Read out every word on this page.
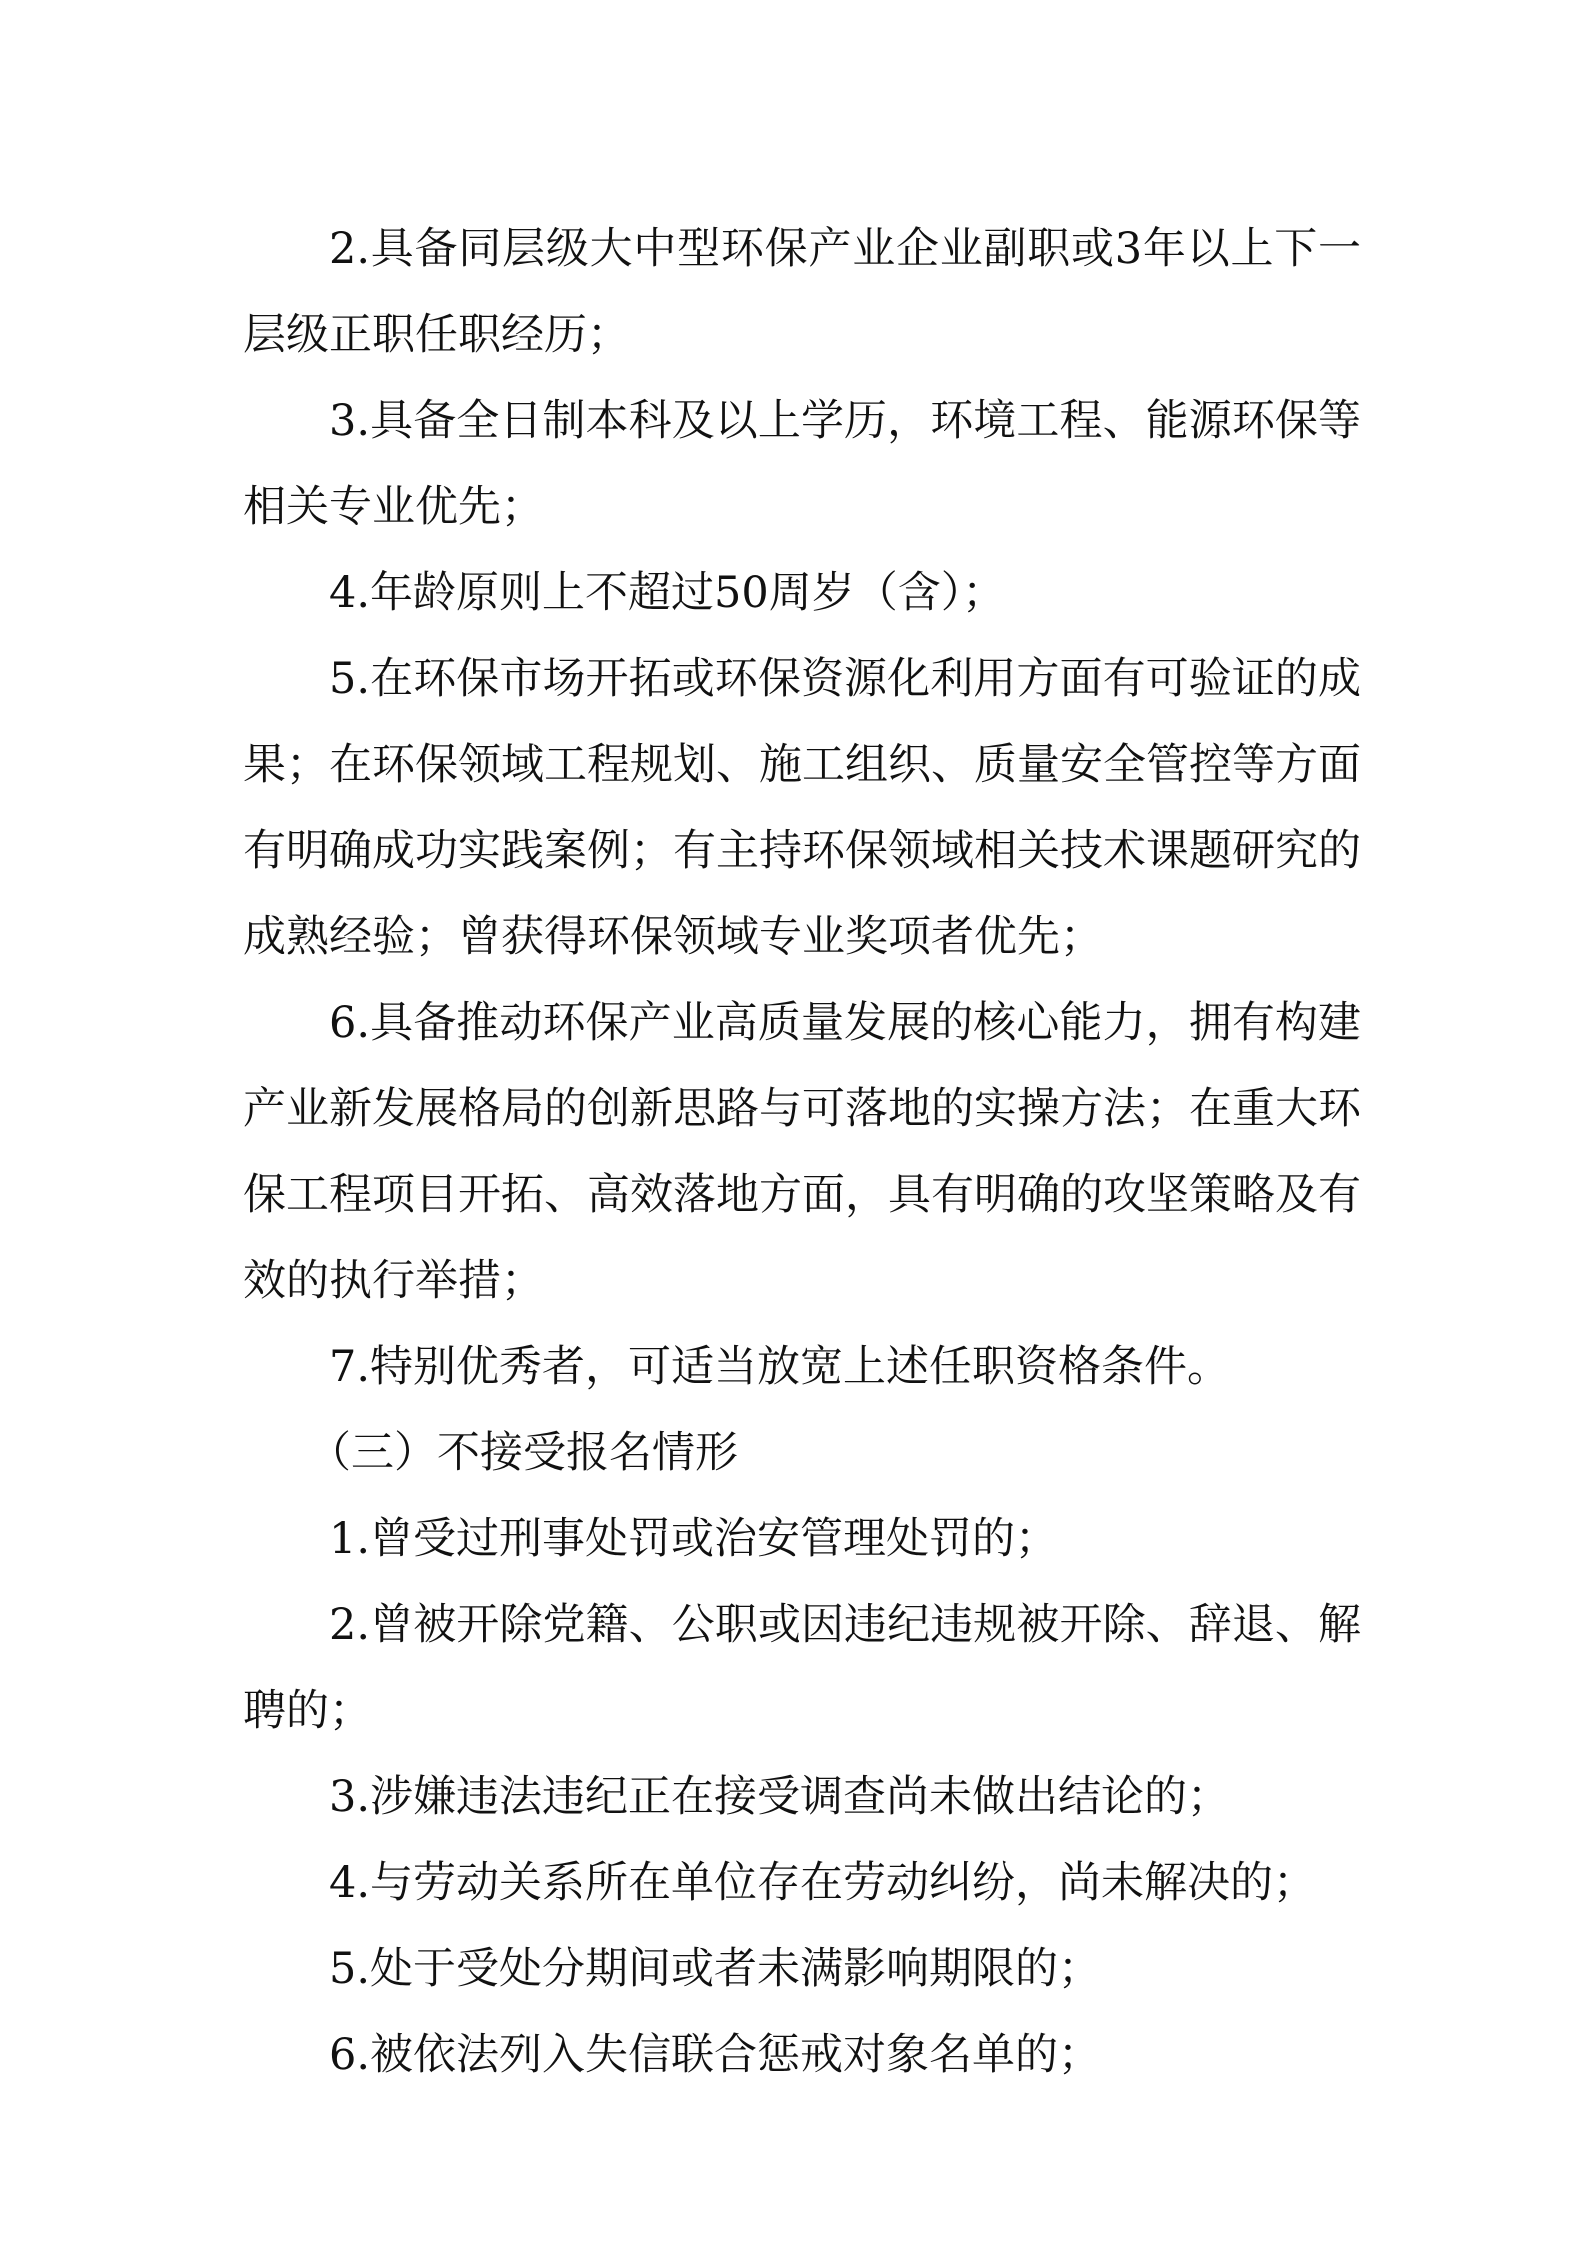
2.具备同层级大中型环保产业企业副职或3年以上下一层级正职任职经历；

3.具备全日制本科及以上学历，环境工程、能源环保等相关专业优先；

4.年龄原则上不超过50周岁（含）；

5.在环保市场开拓或环保资源化利用方面有可验证的成果；在环保领域工程规划、施工组织、质量安全管控等方面有明确成功实践案例；有主持环保领域相关技术课题研究的成熟经验；曾获得环保领域专业奖项者优先；

6.具备推动环保产业高质量发展的核心能力，拥有构建产业新发展格局的创新思路与可落地的实操方法；在重大环保工程项目开拓、高效落地方面，具有明确的攻坚策略及有效的执行举措；

7.特别优秀者，可适当放宽上述任职资格条件。

（三）不接受报名情形

1.曾受过刑事处罚或治安管理处罚的；

2.曾被开除党籍、公职或因违纪违规被开除、辞退、解聘的；

3.涉嫌违法违纪正在接受调查尚未做出结论的；

4.与劳动关系所在单位存在劳动纠纷，尚未解决的；

5.处于受处分期间或者未满影响期限的；

6.被依法列入失信联合惩戒对象名单的；
